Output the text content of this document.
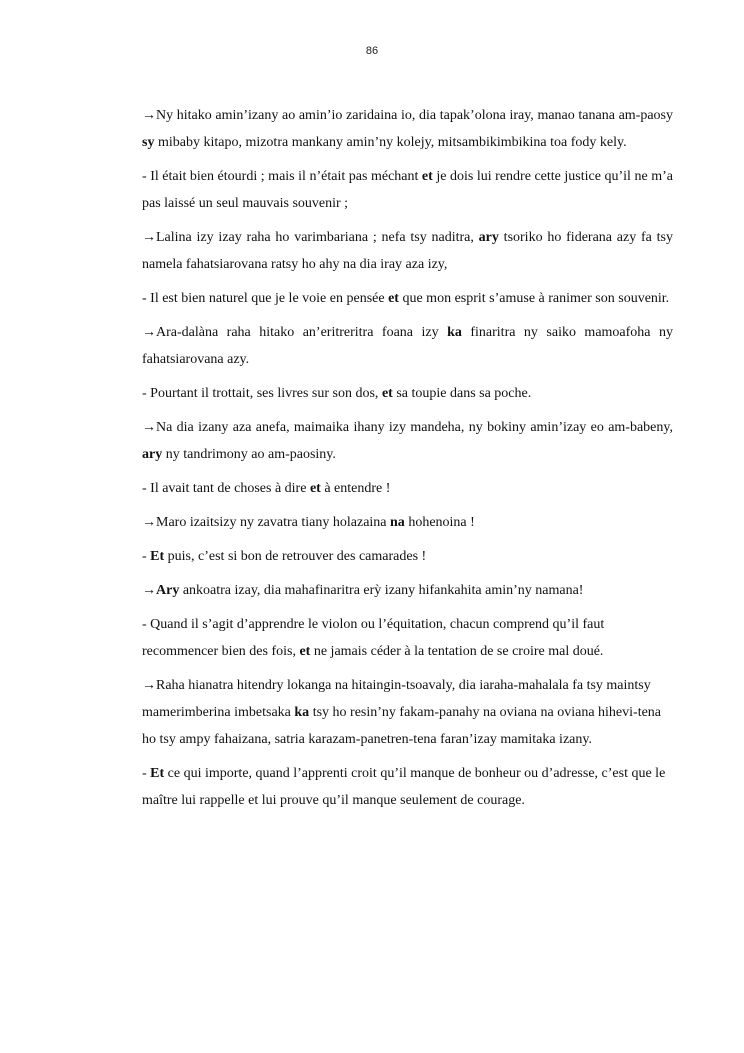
86

→Ny hitako amin’izany ao amin’io zaridaina io, dia tapak’olona iray, manao tanana am-paosy sy mibaby kitapo, mizotra mankany amin’ny kolejy, mitsambikimbikina toa fody kely.

- Il était bien étourdi ; mais il n’était pas méchant et je dois lui rendre cette justice qu’il ne m’a pas laissé un seul mauvais souvenir ;

→Lalina izy izay raha ho varimbariana ; nefa tsy naditra, ary tsoriko ho fiderana azy fa tsy namela fahatsiarovana ratsy ho ahy na dia iray aza izy,

- Il est bien naturel que je le voie en pensée et que mon esprit s’amuse à ranimer son souvenir.

→Ara-dalàna raha hitako an’eritreritra foana izy ka finaritra ny saiko mamoafoha ny fahatsiarovana azy.

- Pourtant il trottait, ses livres sur son dos, et sa toupie dans sa poche.

→Na dia izany aza anefa, maimaika ihany izy mandeha, ny bokiny amin’izay eo am-babeny, ary ny tandrimony ao am-paosiny.

- Il avait tant de choses à dire et à entendre !

→Maro izaitsizy ny zavatra tiany holazaina na hohenoina !

- Et puis, c’est si bon de retrouver des camarades !

→Ary ankoatra izay, dia mahafinaritra erỳ izany hifankahita amin’ny namana!

- Quand il s’agit d’apprendre le violon ou l’équitation, chacun comprend qu’il faut recommencer bien des fois, et ne jamais céder à la tentation de se croire mal doué.

→Raha hianatra hitendry lokanga na hitaingin-tsoavaly, dia iaraha-mahalala fa tsy maintsy mamerimberina imbetsaka ka tsy ho resin’ny fakam-panahy na oviana na oviana hihevi-tena ho tsy ampy fahaizana, satria karazam-panetren-tena faran’izay mamitaka izany.

- Et ce qui importe, quand l’apprenti croit qu’il manque de bonheur ou d’adresse, c’est que le maître lui rappelle et lui prouve qu’il manque seulement de courage.
